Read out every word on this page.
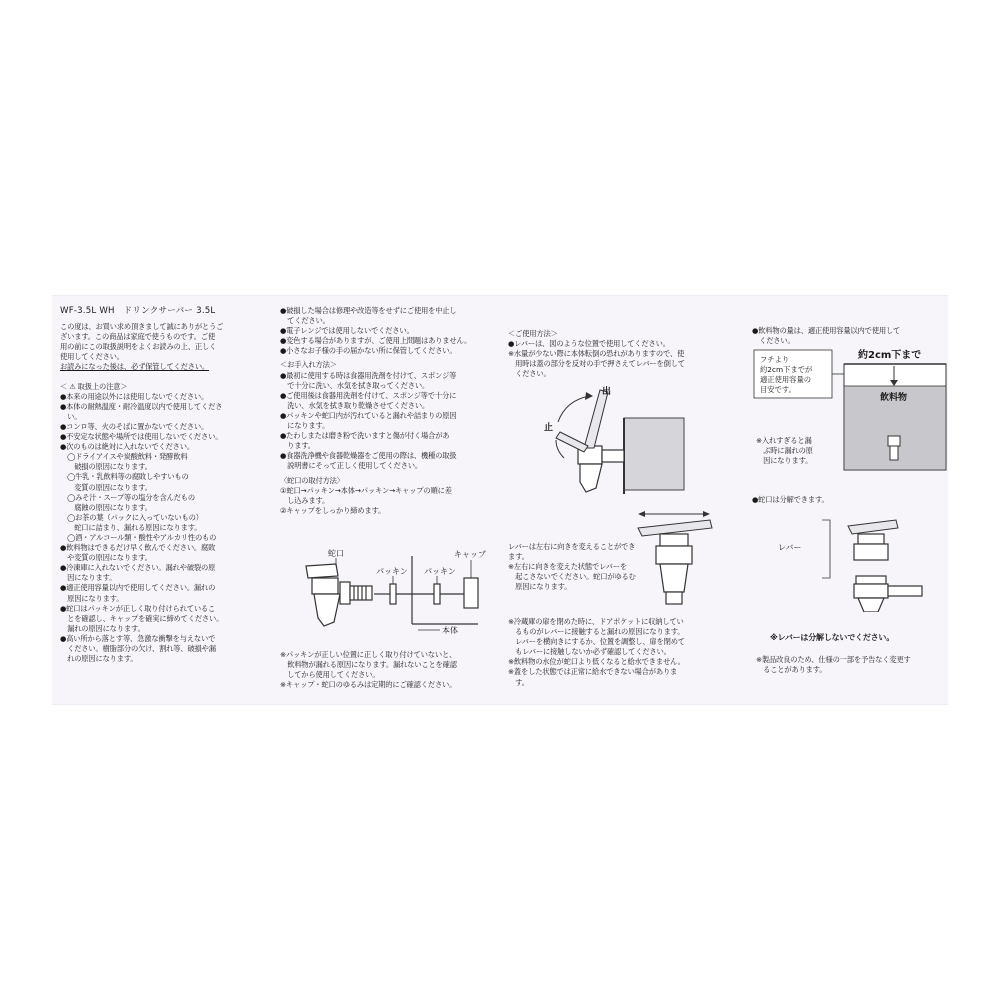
WF-3.5L WH　ドリンクサーバー 3.5L

この度は、お買い求め頂きまして誠にありがとうご

ざいます。この商品は家庭で使うものです。ご使

用の前にこの取扱説明をよくお読みの上、正しく

使用してください。

お読みになった後は、必ず保管してください。

＜ ⚠ 取扱上の注意＞

●本来の用途以外には使用しないでください。

●本体の耐熱温度・耐冷温度以内で使用してくださ

　い。

●コンロ等、火のそばに置かないでください。

●不安定な状態や場所では使用しないでください。

●次のものは絶対に入れないでください。

　◯ドライアイスや炭酸飲料・発酵飲料

　　破損の原因になります。

　◯牛乳・乳飲料等の腐敗しやすいもの

　　変質の原因になります。

　◯みそ汁・スープ等の塩分を含んだもの

　　腐蝕の原因になります。

　◯お茶の葉（パックに入っていないもの）

　　蛇口に詰まり、漏れる原因になります。

　◯酒・アルコール類・酸性やアルカリ性のもの

●飲料物はできるだけ早く飲んでください。腐敗

　や変質の原因になります。

●冷凍庫に入れないでください。漏れや破裂の原

　因になります。

●適正使用容量以内で使用してください。漏れの

　原因になります。

●蛇口はパッキンが正しく取り付けられているこ

　とを確認し、キャップを確実に締めてください。

　漏れの原因になります。

●高い所から落とす等、急激な衝撃を与えないで

　ください。樹脂部分の欠け、割れ等、破損や漏

　れの原因になります。

●破損した場合は修理や改造等をせずにご使用を中止し

　てください。

●電子レンジでは使用しないでください。

●変色する場合がありますが、ご使用上問題はありません。

●小さなお子様の手の届かない所に保管してください。

＜お手入れ方法＞

●最初に使用する時は食器用洗剤を付けて、スポンジ等

　で十分に洗い、水気を拭き取ってください。

●ご使用後は食器用洗剤を付けて、スポンジ等で十分に

　洗い、水気を拭き取り乾燥させてください。

●パッキンや蛇口内が汚れていると漏れや詰まりの原因

　になります。

●たわしまたは磨き粉で洗いますと傷が付く場合があ

　ります。

●食器洗浄機や食器乾燥器をご使用の際は、機種の取扱

　説明書にそって正しく使用してください。

〈蛇口の取付方法〉

①蛇口→パッキン→本体→パッキン→キャップの順に差

　し込みます。

②キャップをしっかり締めます。

蛇口
パッキン パッキン
キャップ
本体

※パッキンが正しい位置に正しく取り付けていないと、

　飲料物が漏れる原因になります。漏れないことを確認

　してから使用してください。

※キャップ・蛇口のゆるみは定期的にご確認ください。

＜ご使用方法＞

●レバーは、図のような位置で使用してください。

※水量が少ない際に本体転倒の恐れがありますので、使

　用時は蓋の部分を反対の手で押さえてレバーを倒して

　ください。

出
止

レバーは左右に向きを変えることができ

ます。

※左右に向きを変えた状態でレバーを

　起こさないでください。蛇口がゆるむ

　原因になります。

※冷蔵庫の扉を閉めた時に、ドアポケットに収納してい

　るものがレバーに接触すると漏れの原因になります。

　レバーを横向きにするか、位置を調整し、扉を閉めて

　もレバーに接触しないか必ず確認してください。

※飲料物の水位が蛇口より低くなると給水できません。

※蓋をした状態では正常に給水できない場合がありま

　す。

●飲料物の量は、適正使用容量以内で使用して

　ください。

約2cm下まで
飲料物
フチより
約2cm下までが
適正使用容量の
目安です。

※入れすぎると漏

　ぶ時に漏れの原

　因になります。

●蛇口は分解できます。

レバー

※レバーは分解しないでください。

※製品改良のため、仕様の一部を予告なく変更す

　ることがあります。
